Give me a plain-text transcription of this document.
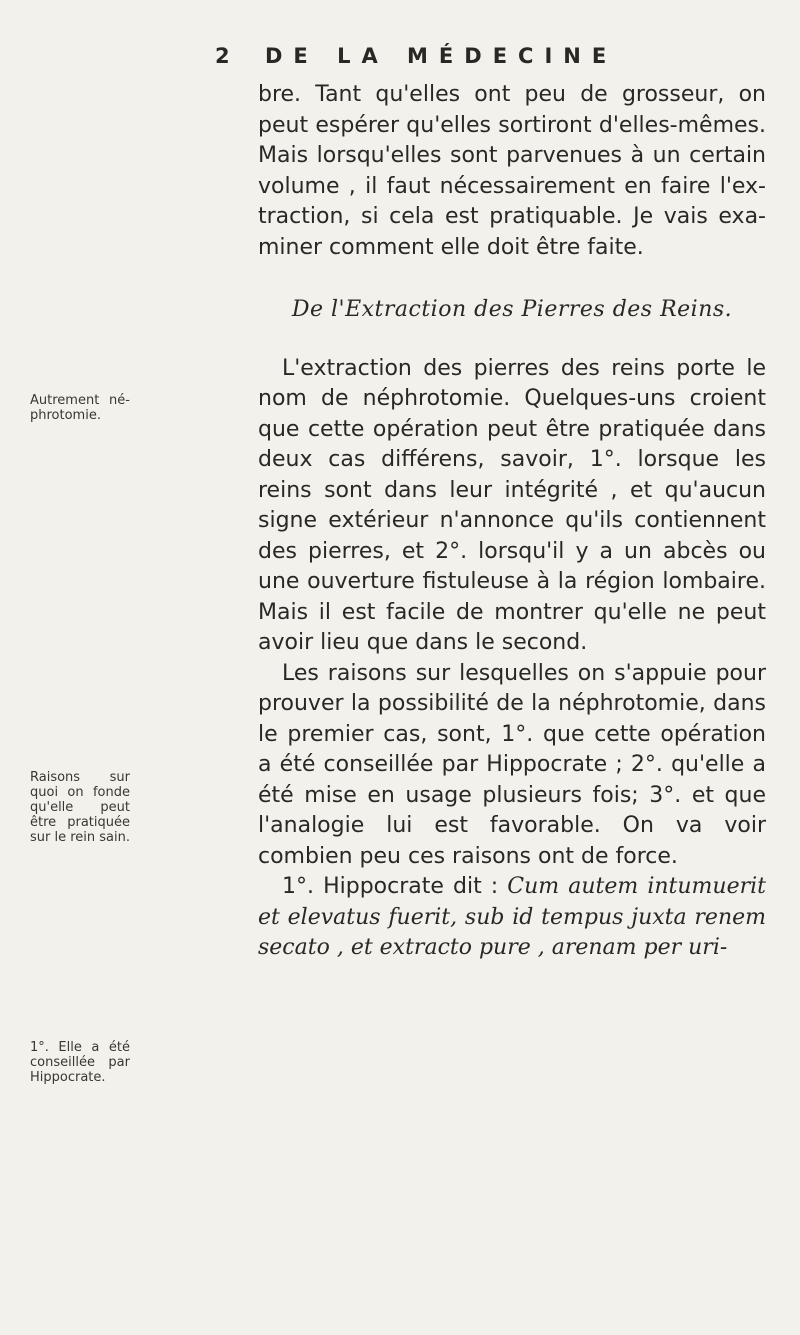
2 DE LA MÉDECINE

bre. Tant qu'elles ont peu de grosseur, on peut espérer qu'elles sortiront d'elles-mêmes. Mais lorsqu'elles sont parvenues à un certain volume , il faut nécessairement en faire l'ex-traction, si cela est pratiquable. Je vais exa-miner comment elle doit être faite.

De l'Extraction des Pierres des Reins.

L'extraction des pierres des reins porte le nom de néphrotomie. Quelques-uns croient que cette opération peut être pratiquée dans deux cas différens, savoir, 1°. lorsque les reins sont dans leur intégrité , et qu'aucun signe extérieur n'annonce qu'ils contiennent des pierres, et 2°. lorsqu'il y a un abcès ou une ouverture fistuleuse à la région lombaire. Mais il est facile de montrer qu'elle ne peut avoir lieu que dans le second.

Les raisons sur lesquelles on s'appuie pour prouver la possibilité de la néphrotomie, dans le premier cas, sont, 1°. que cette opération a été conseillée par Hippocrate ; 2°. qu'elle a été mise en usage plusieurs fois; 3°. et que l'analogie lui est favorable. On va voir combien peu ces raisons ont de force.

1°. Hippocrate dit : Cum autem intumuerit et elevatus fuerit, sub id tempus juxta renem secato , et extracto pure , arenam per uri-

Autrement né-phrotomie.
Raisons sur quoi on fonde qu'elle peut être pratiquée sur le rein sain.
1°. Elle a été conseillée par Hippocrate.
